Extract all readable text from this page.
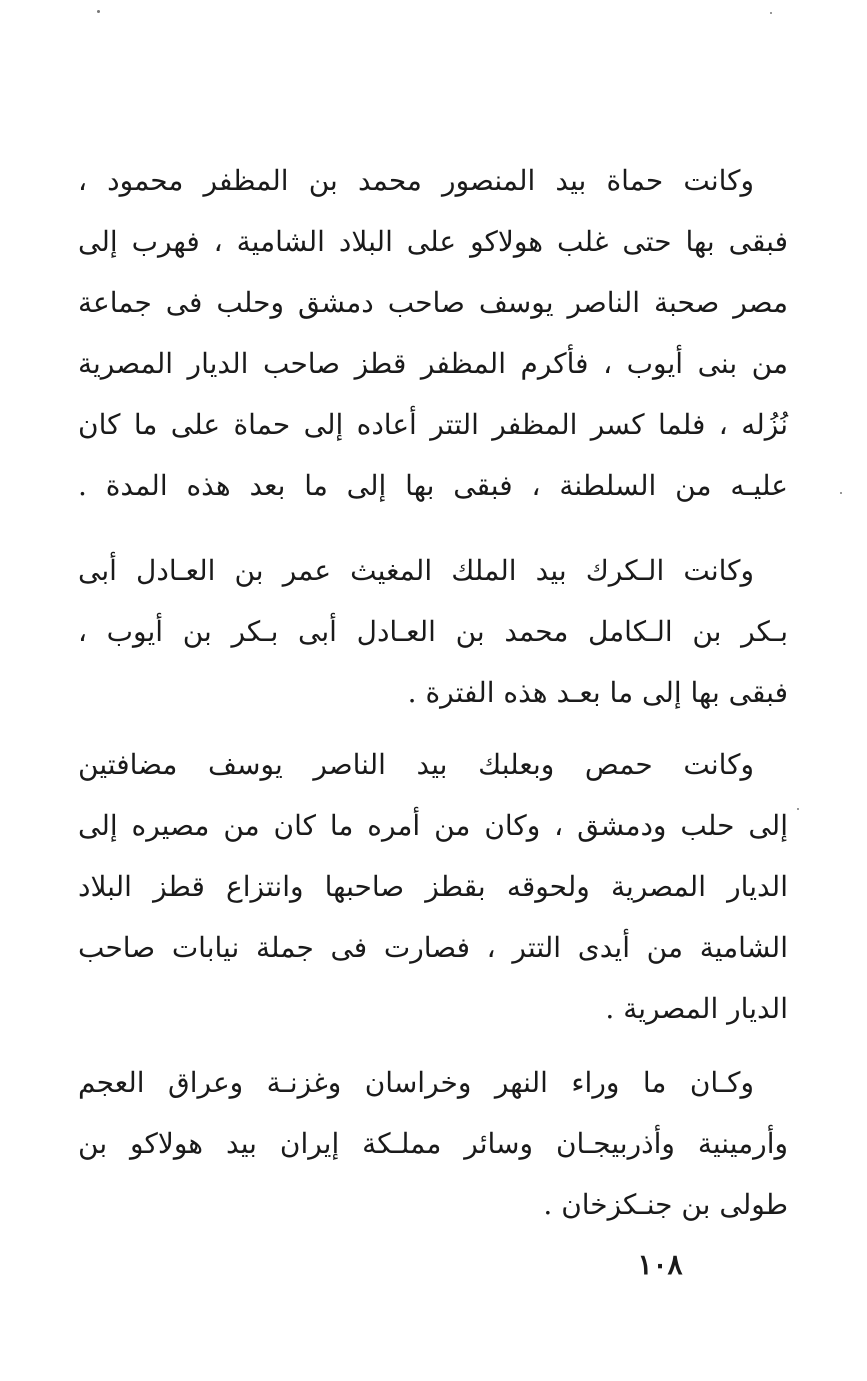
وكانت حماة بيد المنصور محمد بن المظفر محمود ،
فبقى بها حتى غلب هولاكو على البلاد الشامية ، فهرب إلى
مصر صحبة الناصر يوسف صاحب دمشق وحلب فى جماعة
من بنى أيوب ، فأكرم المظفر قطز صاحب الديار المصرية
نُزُله ، فلما كسر المظفر التتر أعاده إلى حماة على ما كان
عليـه من السلطنة ، فبقى بها إلى ما بعد هذه المدة .
وكانت الـكرك بيد الملك المغيث عمر بن العـادل أبى
بـكر بن الـكامل محمد بن العـادل أبى بـكر بن أيوب ،
فبقى بها إلى ما بعـد هذه الفترة .
وكانت حمص وبعلبك بيد الناصر يوسف مضافتين
إلى حلب ودمشق ، وكان من أمره ما كان من مصيره إلى
الديار المصرية ولحوقه بقطز صاحبها وانتزاع قطز البلاد
الشامية من أيدى التتر ، فصارت فى جملة نيابات صاحب
الديار المصرية .
وكـان ما وراء النهر وخراسان وغزنـة وعراق العجم
وأرمينية وأذربيجـان وسائر مملـكة إيران بيد هولاكو بن
طولى بن جنـكزخان .
١٠٨
